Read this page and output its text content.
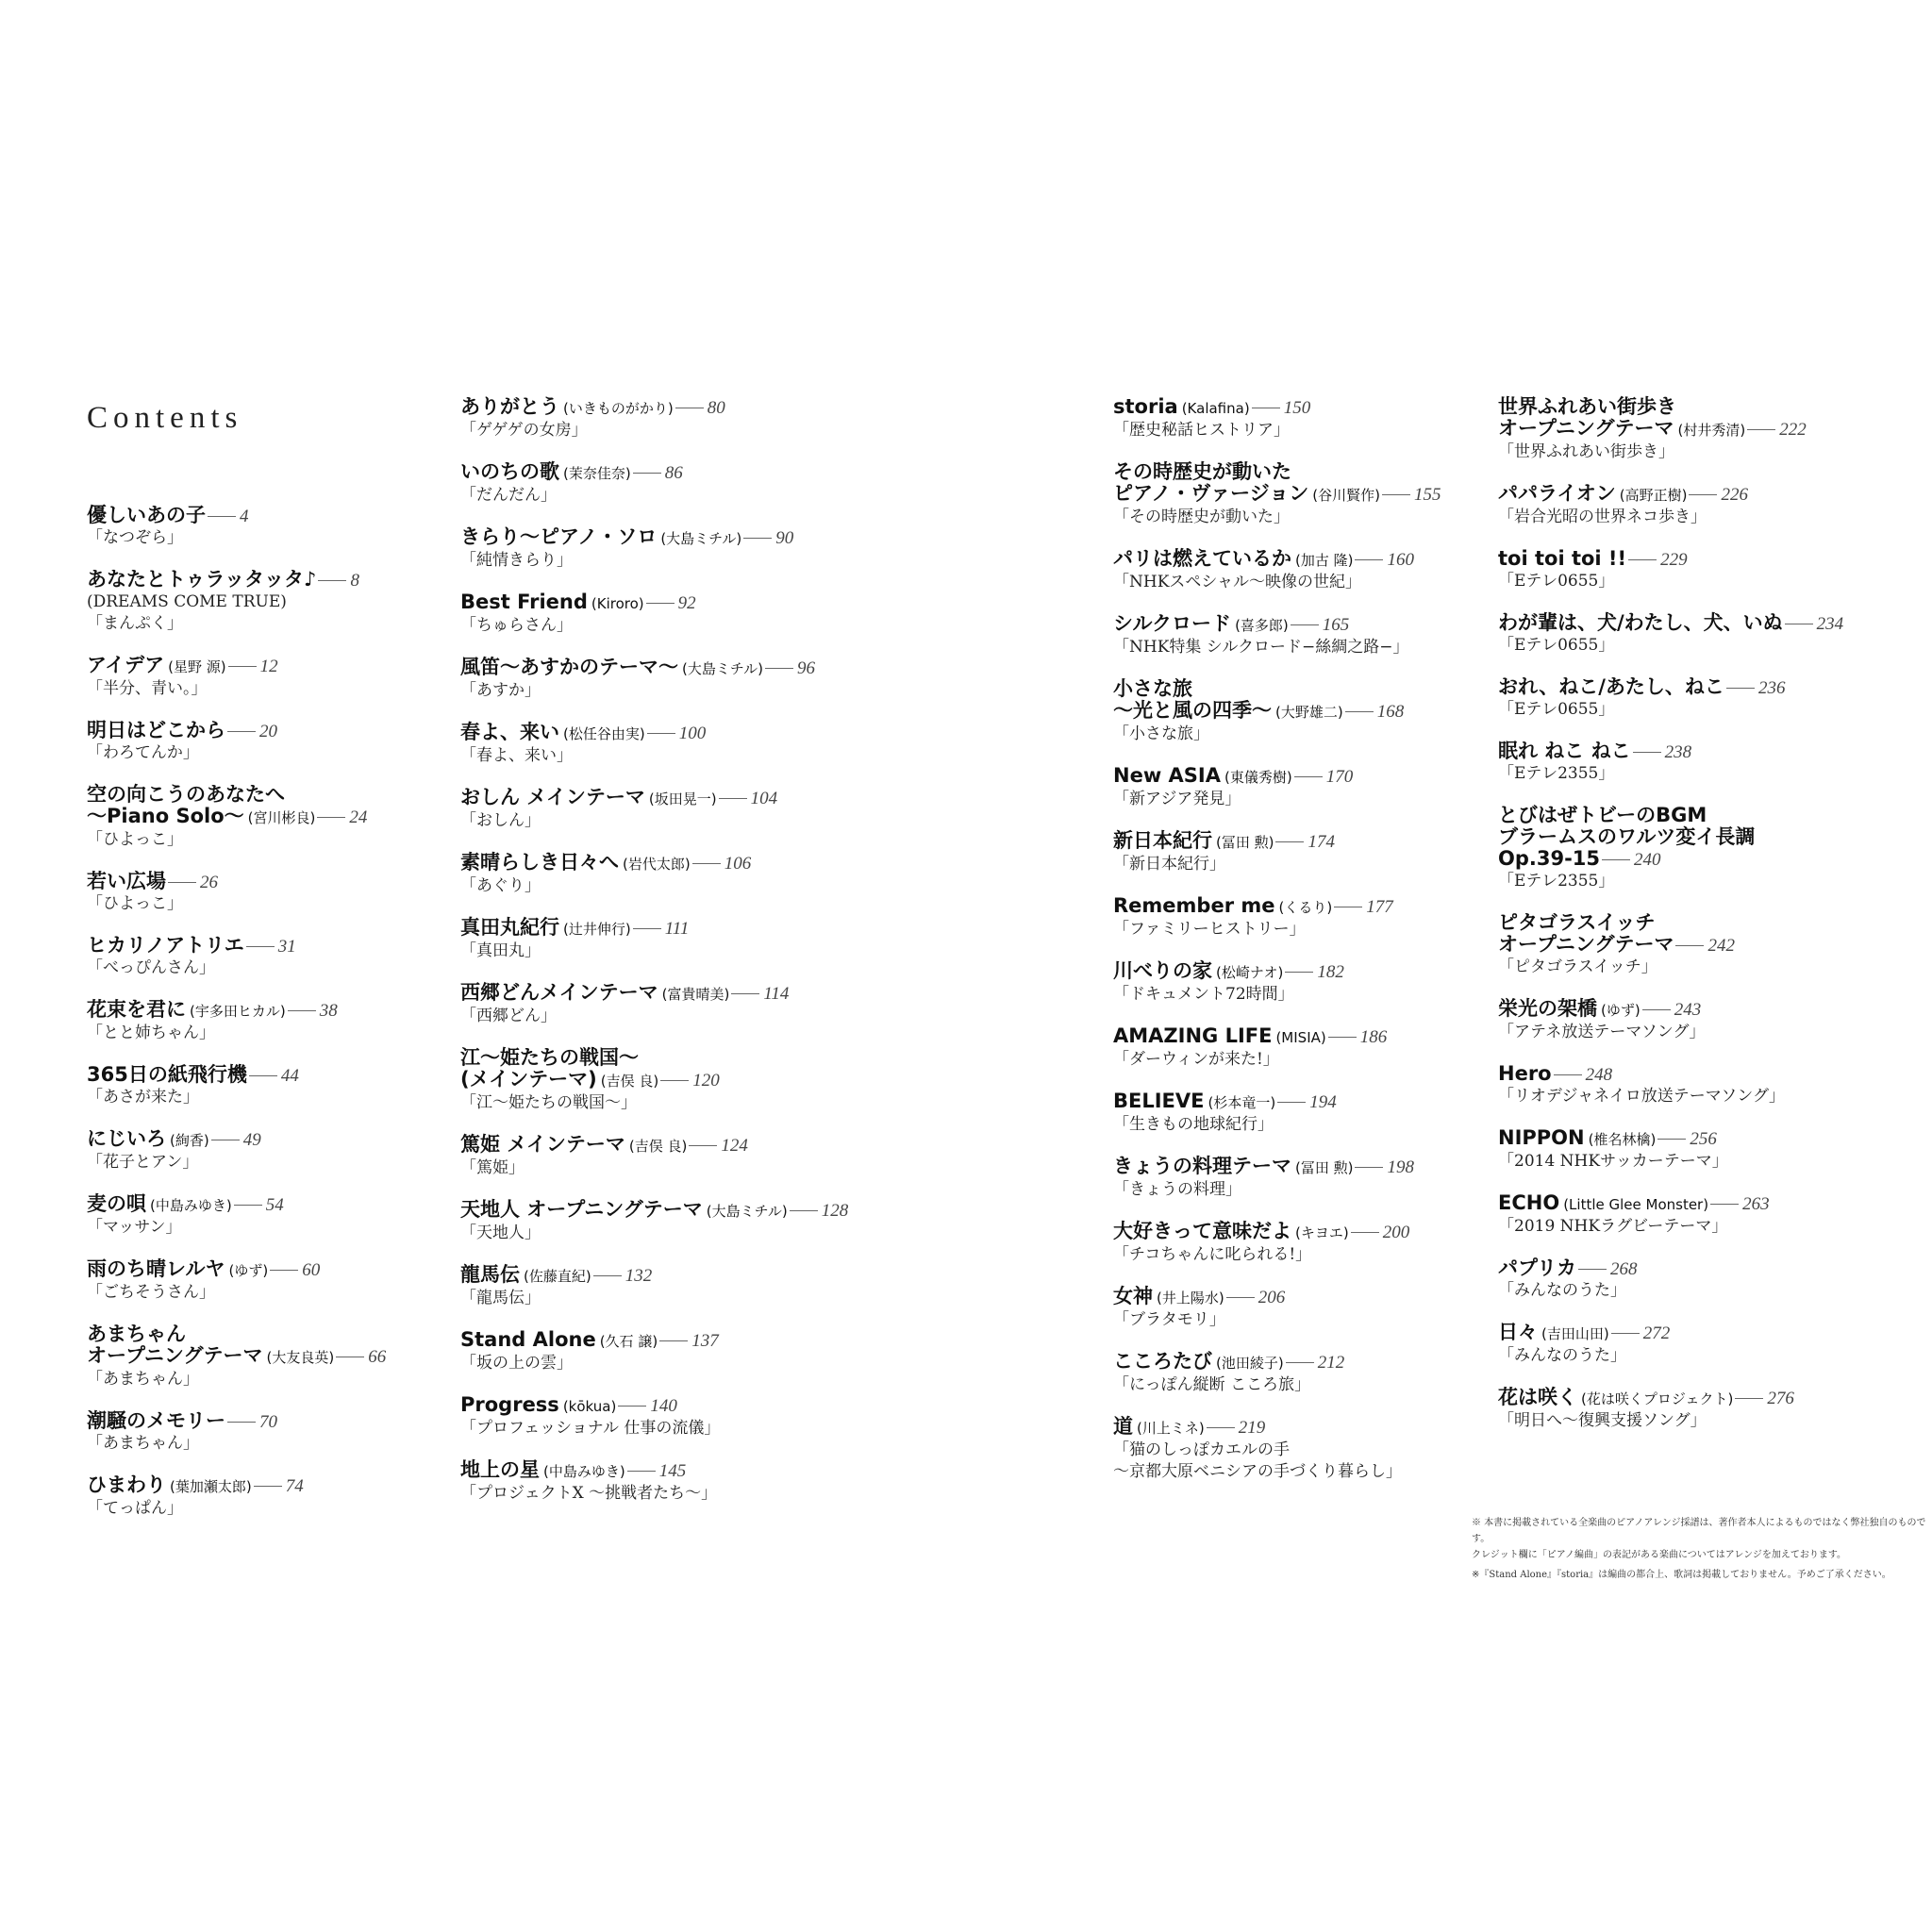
Contents
優しいあの子 4
「なつぞら」
あなたとトゥラッタッタ♪ 8
(DREAMS COME TRUE)
「まんぷく」
アイデア (星野 源) 12
「半分、青い。」
明日はどこから 20
「わろてんか」
空の向こうのあなたへ
〜Piano Solo〜 (宮川彬良) 24
「ひよっこ」
若い広場 26
「ひよっこ」
ヒカリノアトリエ 31
「べっぴんさん」
花束を君に (宇多田ヒカル) 38
「とと姉ちゃん」
365日の紙飛行機 44
「あさが来た」
にじいろ (絢香) 49
「花子とアン」
麦の唄 (中島みゆき) 54
「マッサン」
雨のち晴レルヤ (ゆず) 60
「ごちそうさん」
あまちゃん
オープニングテーマ (大友良英) 66
「あまちゃん」
潮騒のメモリー 70
「あまちゃん」
ひまわり (葉加瀬太郎) 74
「てっぱん」
ありがとう (いきものがかり) 80
「ゲゲゲの女房」
いのちの歌 (茉奈佳奈) 86
「だんだん」
きらり〜ピアノ・ソロ (大島ミチル) 90
「純情きらり」
Best Friend (Kiroro) 92
「ちゅらさん」
風笛〜あすかのテーマ〜 (大島ミチル) 96
「あすか」
春よ、来い (松任谷由実) 100
「春よ、来い」
おしん メインテーマ (坂田晃一) 104
「おしん」
素晴らしき日々へ (岩代太郎) 106
「あぐり」
真田丸紀行 (辻井伸行) 111
「真田丸」
西郷どんメインテーマ (富貴晴美) 114
「西郷どん」
江〜姫たちの戦国〜
(メインテーマ) (吉俣 良) 120
「江〜姫たちの戦国〜」
篤姫 メインテーマ (吉俣 良) 124
「篤姫」
天地人 オープニングテーマ (大島ミチル) 128
「天地人」
龍馬伝 (佐藤直紀) 132
「龍馬伝」
Stand Alone (久石 譲) 137
「坂の上の雲」
Progress (kōkua) 140
「プロフェッショナル 仕事の流儀」
地上の星 (中島みゆき) 145
「プロジェクトX 〜挑戦者たち〜」
storia (Kalafina) 150
「歴史秘話ヒストリア」
その時歴史が動いた
ピアノ・ヴァージョン (谷川賢作) 155
「その時歴史が動いた」
パリは燃えているか (加古 隆) 160
「NHKスペシャル〜映像の世紀」
シルクロード (喜多郎) 165
「NHK特集 シルクロード−絲綢之路−」
小さな旅
〜光と風の四季〜 (大野雄二) 168
「小さな旅」
New ASIA (東儀秀樹) 170
「新アジア発見」
新日本紀行 (冨田 勲) 174
「新日本紀行」
Remember me (くるり) 177
「ファミリーヒストリー」
川べりの家 (松崎ナオ) 182
「ドキュメント72時間」
AMAZING LIFE (MISIA) 186
「ダーウィンが来た!」
BELIEVE (杉本竜一) 194
「生きもの地球紀行」
きょうの料理テーマ (冨田 勲) 198
「きょうの料理」
大好きって意味だよ (キヨエ) 200
「チコちゃんに叱られる!」
女神 (井上陽水) 206
「ブラタモリ」
こころたび (池田綾子) 212
「にっぽん縦断 こころ旅」
道 (川上ミネ) 219
「猫のしっぽカエルの手
〜京都大原ベニシアの手づくり暮らし」
世界ふれあい街歩き
オープニングテーマ (村井秀清) 222
「世界ふれあい街歩き」
パパライオン (高野正樹) 226
「岩合光昭の世界ネコ歩き」
toi toi toi !! 229
「Eテレ0655」
わが輩は、犬/わたし、犬、いぬ 234
「Eテレ0655」
おれ、ねこ/あたし、ねこ 236
「Eテレ0655」
眠れ ねこ ねこ 238
「Eテレ2355」
とびはぜトビーのBGM
ブラームスのワルツ変イ長調
Op.39-15 240
「Eテレ2355」
ピタゴラスイッチ
オープニングテーマ 242
「ピタゴラスイッチ」
栄光の架橋 (ゆず) 243
「アテネ放送テーマソング」
Hero 248
「リオデジャネイロ放送テーマソング」
NIPPON (椎名林檎) 256
「2014 NHKサッカーテーマ」
ECHO (Little Glee Monster) 263
「2019 NHKラグビーテーマ」
パプリカ 268
「みんなのうた」
日々 (吉田山田) 272
「みんなのうた」
花は咲く (花は咲くプロジェクト) 276
「明日へ〜復興支援ソング」
※ 本書に掲載されている全楽曲のピアノアレンジ採譜は、著作者本人によるものではなく弊社独自のものです。
クレジット欄に「ピアノ編曲」の表記がある楽曲についてはアレンジを加えております。
※『Stand Alone』『storia』は編曲の都合上、歌詞は掲載しておりません。予めご了承ください。
